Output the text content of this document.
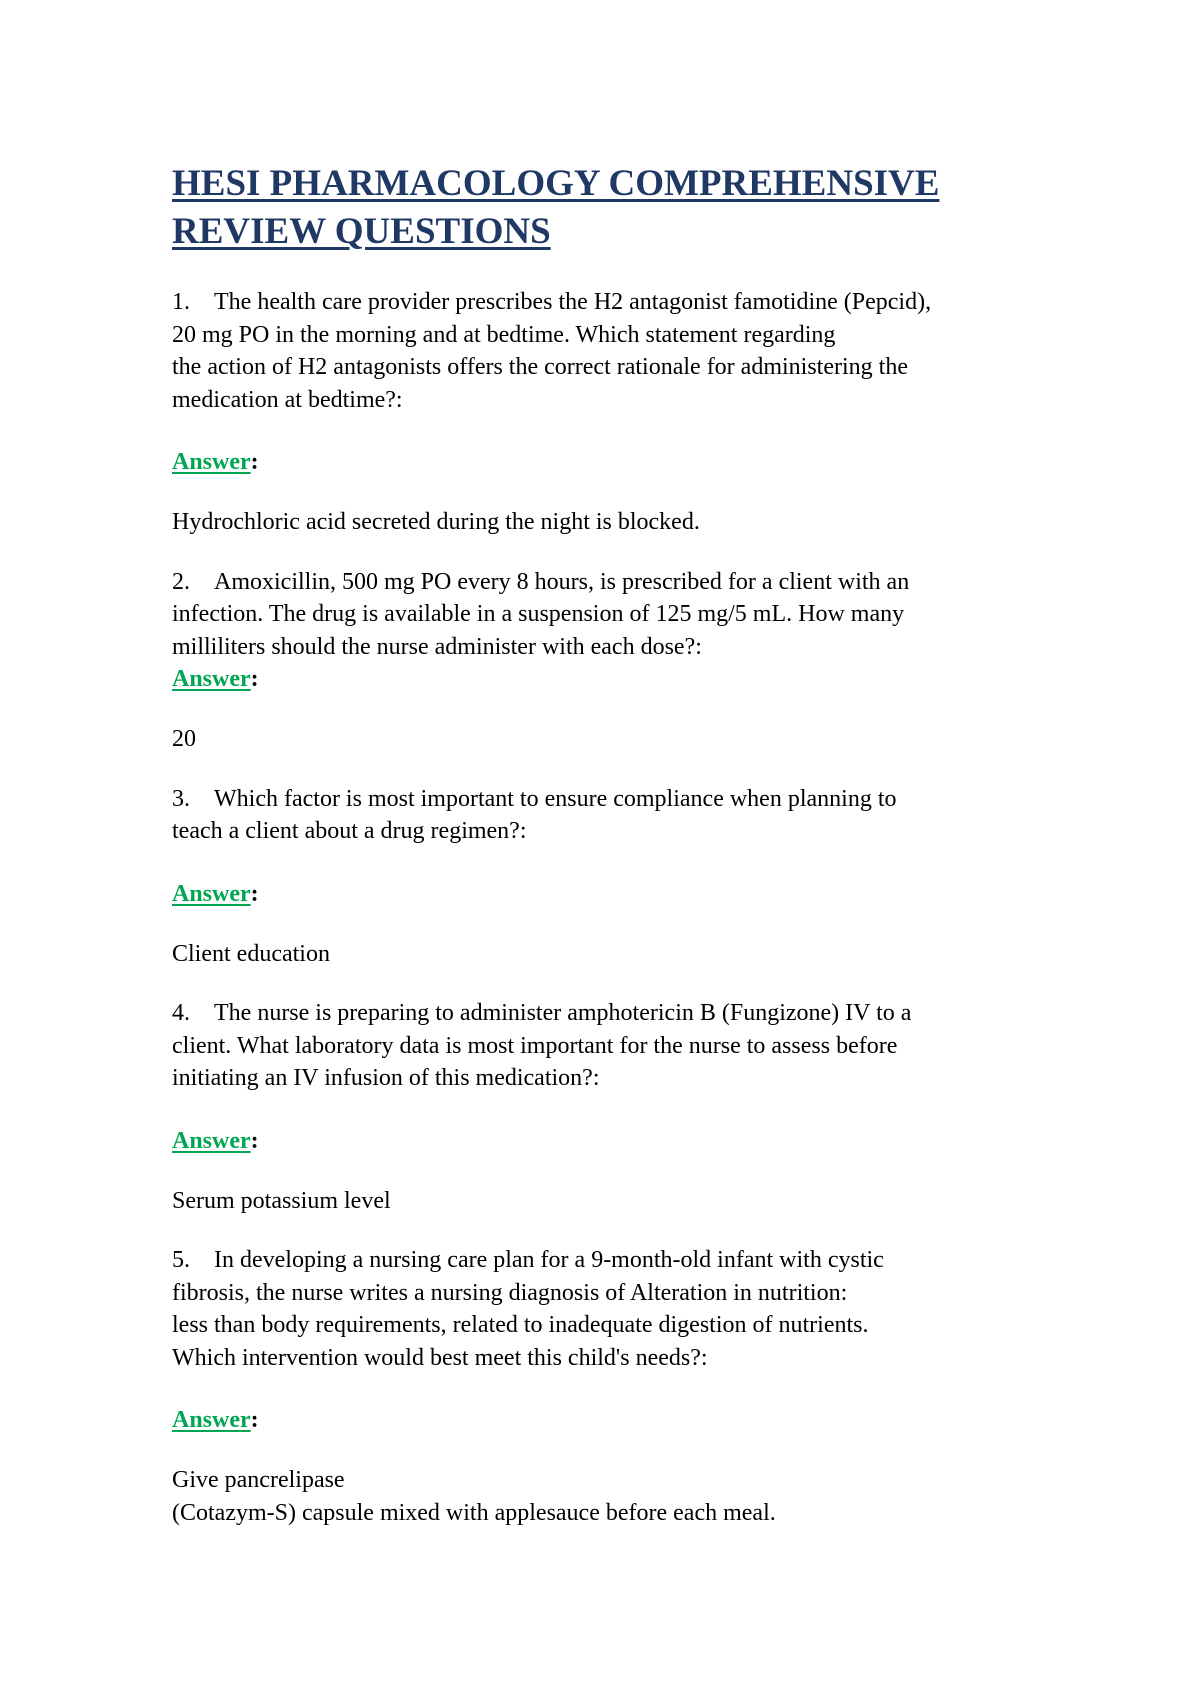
HESI PHARMACOLOGY COMPREHENSIVE
REVIEW QUESTIONS

1. The health care provider prescribes the H2 antagonist famotidine (Pepcid),
20 mg PO in the morning and at bedtime. Which statement regarding
the action of H2 antagonists offers the correct rationale for administering the
medication at bedtime?:

Answer:

Hydrochloric acid secreted during the night is blocked.

2. Amoxicillin, 500 mg PO every 8 hours, is prescribed for a client with an
infection. The drug is available in a suspension of 125 mg/5 mL. How many
milliliters should the nurse administer with each dose?:

Answer:

20

3. Which factor is most important to ensure compliance when planning to
teach a client about a drug regimen?:

Answer:

Client education

4. The nurse is preparing to administer amphotericin B (Fungizone) IV to a
client. What laboratory data is most important for the nurse to assess before
initiating an IV infusion of this medication?:

Answer:

Serum potassium level

5. In developing a nursing care plan for a 9-month-old infant with cystic
fibrosis, the nurse writes a nursing diagnosis of Alteration in nutrition:
less than body requirements, related to inadequate digestion of nutrients.
Which intervention would best meet this child's needs?:

Answer:

Give pancrelipase
(Cotazym-S) capsule mixed with applesauce before each meal.
